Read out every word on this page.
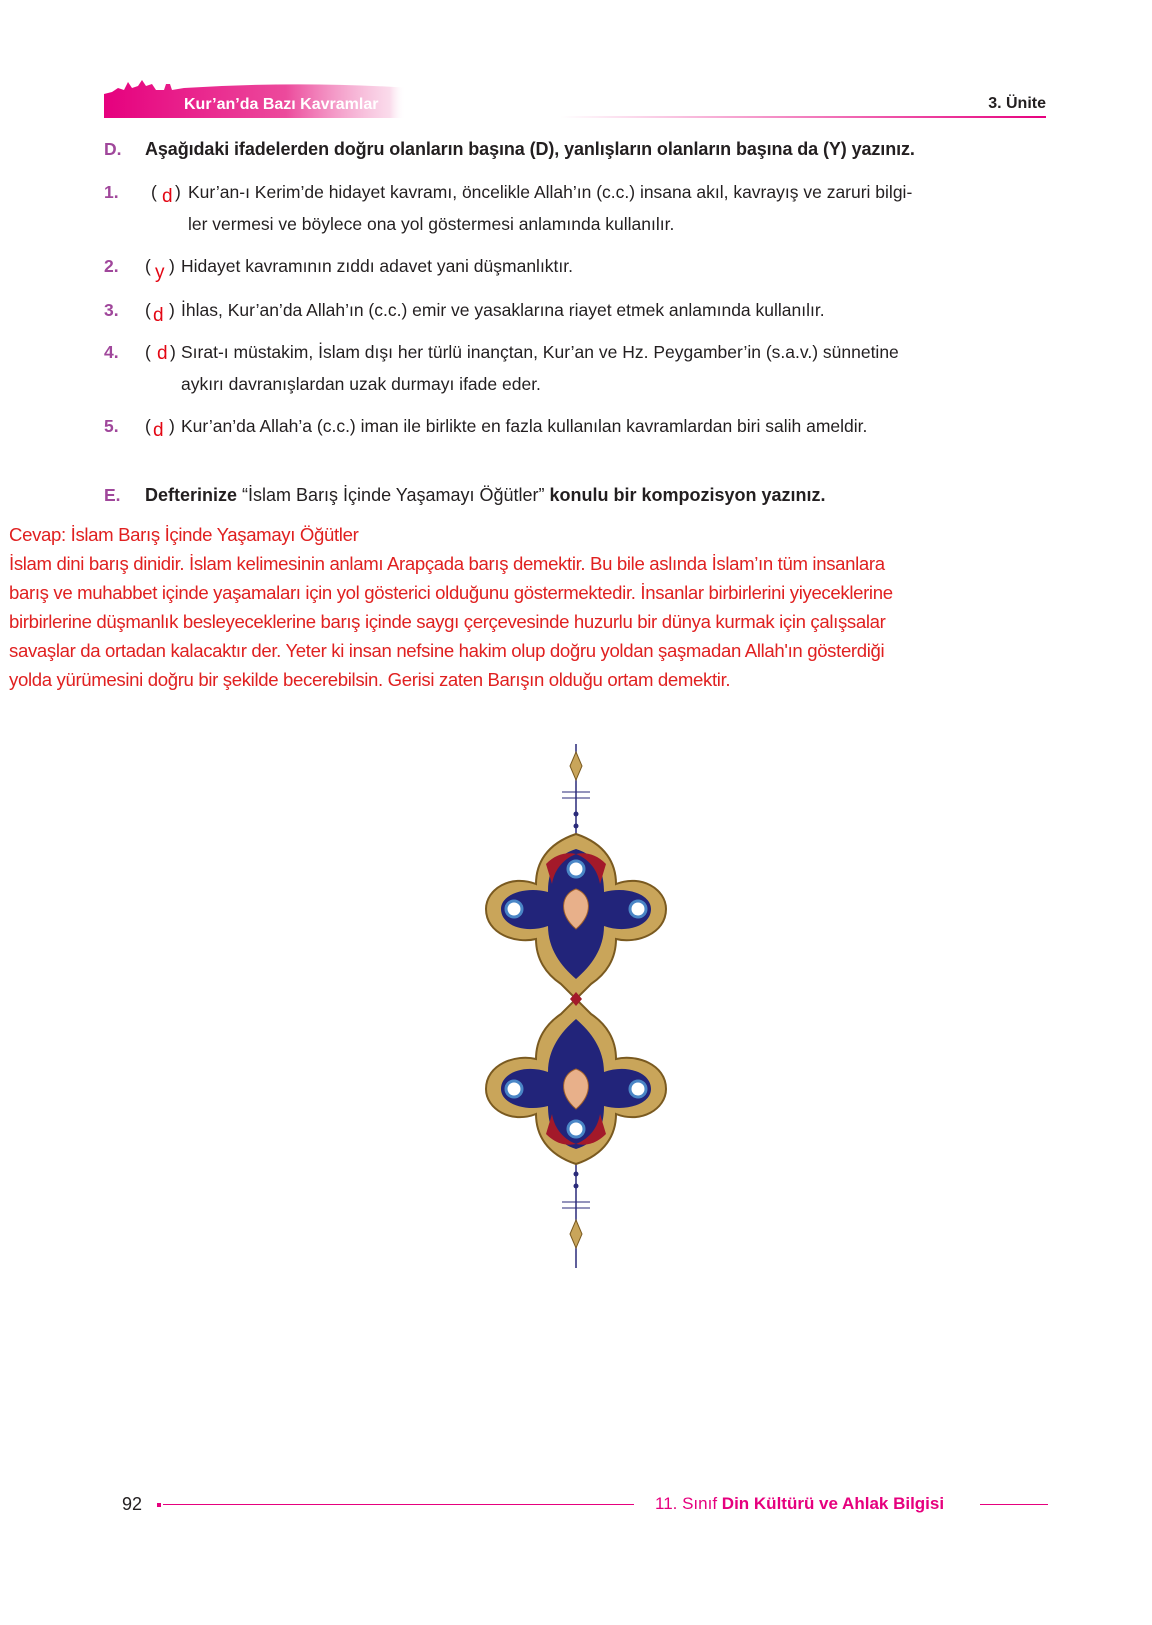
Kur’an’da Bazı Kavramlar	3. Ünite
D. Aşağıdaki ifadelerden doğru olanların başına (D), yanlışların olanların başına da (Y) yazınız.
1. ( d ) Kur’an-ı Kerim’de hidayet kavramı, öncelikle Allah’ın (c.c.) insana akıl, kavrayış ve zaruri bilgi-
ler vermesi ve böylece ona yol göstermesi anlamında kullanılır.
2. ( y ) Hidayet kavramının zıddı adavet yani düşmanlıktır.
3. ( d ) İhlas, Kur’an’da Allah’ın (c.c.) emir ve yasaklarına riayet etmek anlamında kullanılır.
4. ( d ) Sırat-ı müstakim, İslam dışı her türlü inançtan, Kur’an ve Hz. Peygamber’in (s.a.v.) sünnetine
aykırı davranışlardan uzak durmayı ifade eder.
5. ( d ) Kur’an’da Allah’a (c.c.) iman ile birlikte en fazla kullanılan kavramlardan biri salih ameldir.
E. Defterinize “İslam Barış İçinde Yaşamayı Öğütler” konulu bir kompozisyon yazınız.
Cevap: İslam Barış İçinde Yaşamayı Öğütler
İslam dini barış dinidir. İslam kelimesinin anlamı Arapçada barış demektir. Bu bile aslında İslam’ın tüm insanlara
barış ve muhabbet içinde yaşamaları için yol gösterici olduğunu göstermektedir. İnsanlar birbirlerini yiyeceklerine
birbirlerine düşmanlık besleyeceklerine barış içinde saygı çerçevesinde huzurlu bir dünya kurmak için çalışsalar
savaşlar da ortadan kalacaktır der. Yeter ki insan nefsine hakim olup doğru yoldan şaşmadan Allah'ın gösterdiği
yolda yürümesini doğru bir şekilde becerebilsin. Gerisi zaten Barışın olduğu ortam demektir.
92	11. Sınıf Din Kültürü ve Ahlak Bilgisi
